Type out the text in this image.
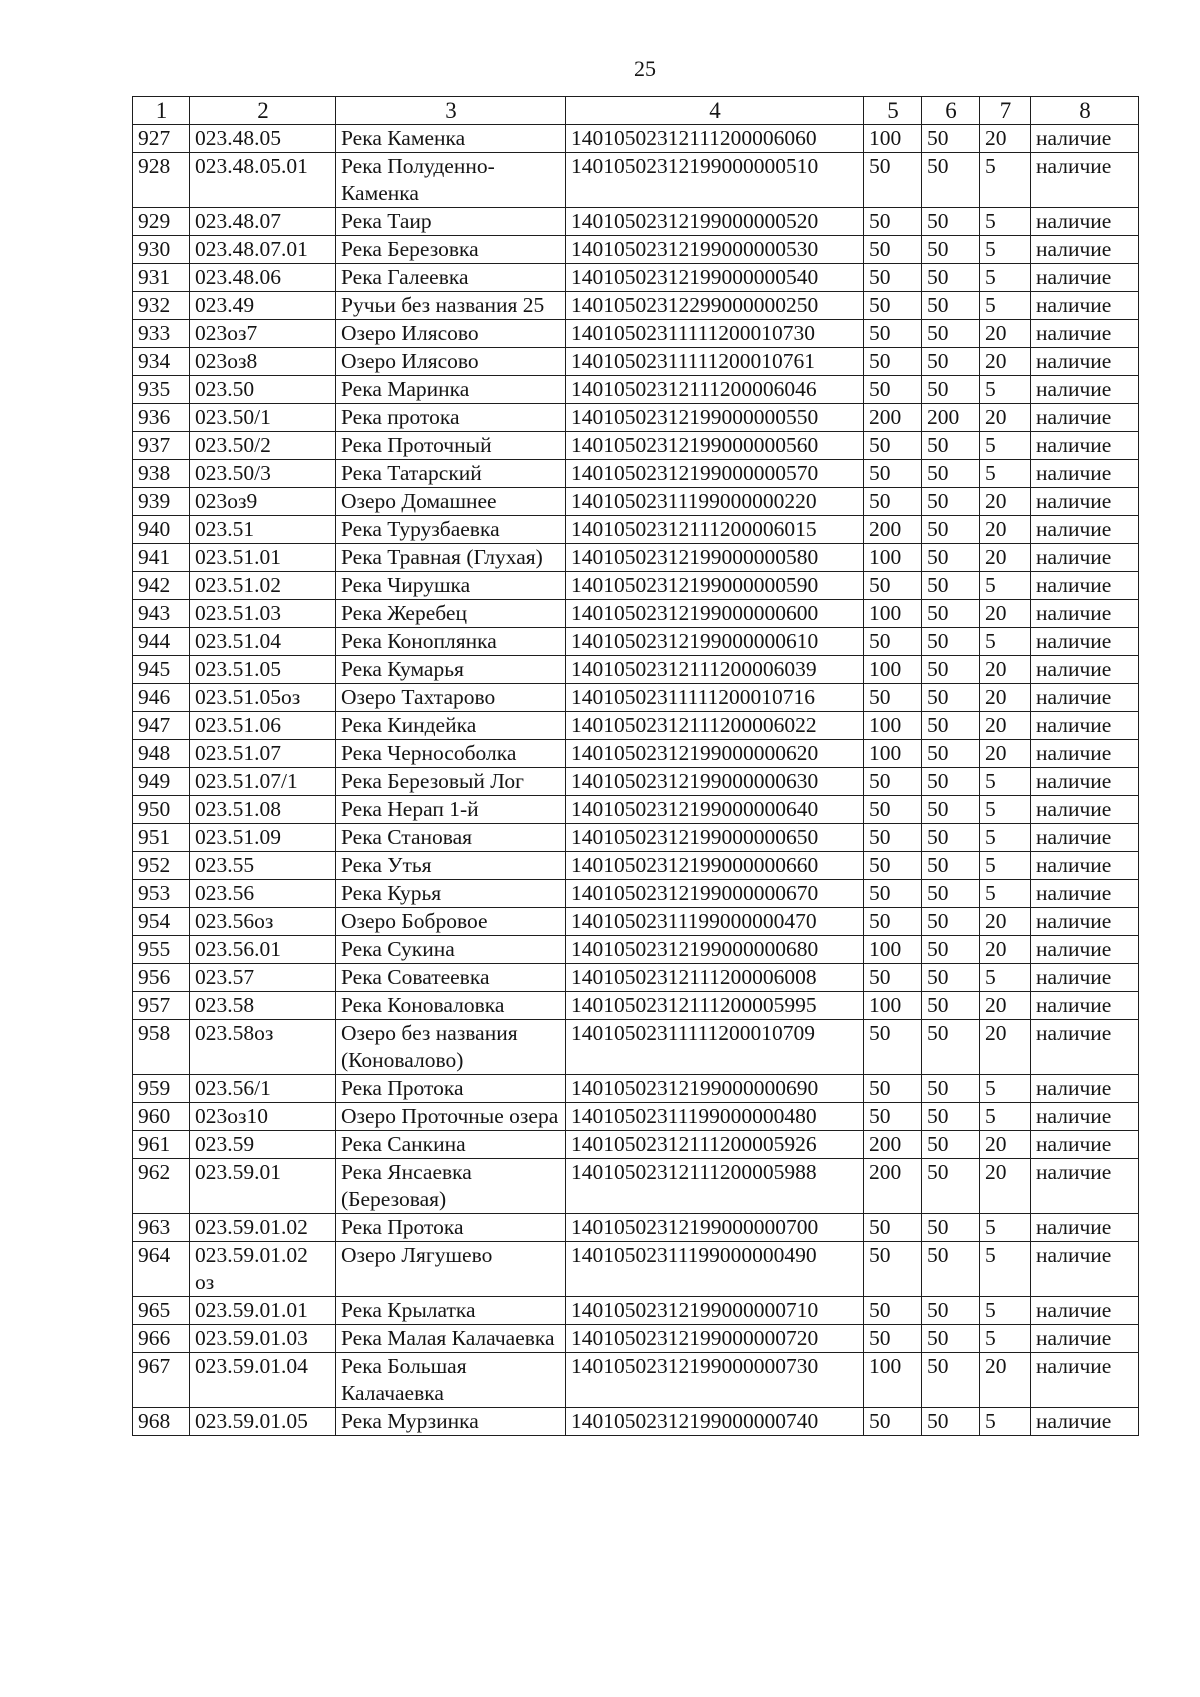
25
1	2	3	4	5	6	7	8
927	023.48.05	Река Каменка	14010502312111200006060	100	50	20	наличие
928	023.48.05.01	Река Полуденно-Каменка	14010502312199000000510	50	50	5	наличие
929	023.48.07	Река Таир	14010502312199000000520	50	50	5	наличие
930	023.48.07.01	Река Березовка	14010502312199000000530	50	50	5	наличие
931	023.48.06	Река Галеевка	14010502312199000000540	50	50	5	наличие
932	023.49	Ручьи без названия 25	14010502312299000000250	50	50	5	наличие
933	023оз7	Озеро Илясово	14010502311111200010730	50	50	20	наличие
934	023оз8	Озеро Илясово	14010502311111200010761	50	50	20	наличие
935	023.50	Река Маринка	14010502312111200006046	50	50	5	наличие
936	023.50/1	Река протока	14010502312199000000550	200	200	20	наличие
937	023.50/2	Река Проточный	14010502312199000000560	50	50	5	наличие
938	023.50/3	Река Татарский	14010502312199000000570	50	50	5	наличие
939	023оз9	Озеро Домашнее	14010502311199000000220	50	50	20	наличие
940	023.51	Река Турузбаевка	14010502312111200006015	200	50	20	наличие
941	023.51.01	Река Травная (Глухая)	14010502312199000000580	100	50	20	наличие
942	023.51.02	Река Чирушка	14010502312199000000590	50	50	5	наличие
943	023.51.03	Река Жеребец	14010502312199000000600	100	50	20	наличие
944	023.51.04	Река Коноплянка	14010502312199000000610	50	50	5	наличие
945	023.51.05	Река Кумарья	14010502312111200006039	100	50	20	наличие
946	023.51.05оз	Озеро Тахтарово	14010502311111200010716	50	50	20	наличие
947	023.51.06	Река Киндейка	14010502312111200006022	100	50	20	наличие
948	023.51.07	Река Чернособолка	14010502312199000000620	100	50	20	наличие
949	023.51.07/1	Река Березовый Лог	14010502312199000000630	50	50	5	наличие
950	023.51.08	Река Нерап 1-й	14010502312199000000640	50	50	5	наличие
951	023.51.09	Река Становая	14010502312199000000650	50	50	5	наличие
952	023.55	Река Утья	14010502312199000000660	50	50	5	наличие
953	023.56	Река Курья	14010502312199000000670	50	50	5	наличие
954	023.56оз	Озеро Бобровое	14010502311199000000470	50	50	20	наличие
955	023.56.01	Река Сукина	14010502312199000000680	100	50	20	наличие
956	023.57	Река Соватеевка	14010502312111200006008	50	50	5	наличие
957	023.58	Река Коноваловка	14010502312111200005995	100	50	20	наличие
958	023.58оз	Озеро без названия (Коновалово)	14010502311111200010709	50	50	20	наличие
959	023.56/1	Река Протока	14010502312199000000690	50	50	5	наличие
960	023оз10	Озеро Проточные озера	14010502311199000000480	50	50	5	наличие
961	023.59	Река Санкина	14010502312111200005926	200	50	20	наличие
962	023.59.01	Река Янсаевка (Березовая)	14010502312111200005988	200	50	20	наличие
963	023.59.01.02	Река Протока	14010502312199000000700	50	50	5	наличие
964	023.59.01.02 оз	Озеро Лягушево	14010502311199000000490	50	50	5	наличие
965	023.59.01.01	Река Крылатка	14010502312199000000710	50	50	5	наличие
966	023.59.01.03	Река Малая Калачаевка	14010502312199000000720	50	50	5	наличие
967	023.59.01.04	Река Большая Калачаевка	14010502312199000000730	100	50	20	наличие
968	023.59.01.05	Река Мурзинка	14010502312199000000740	50	50	5	наличие
